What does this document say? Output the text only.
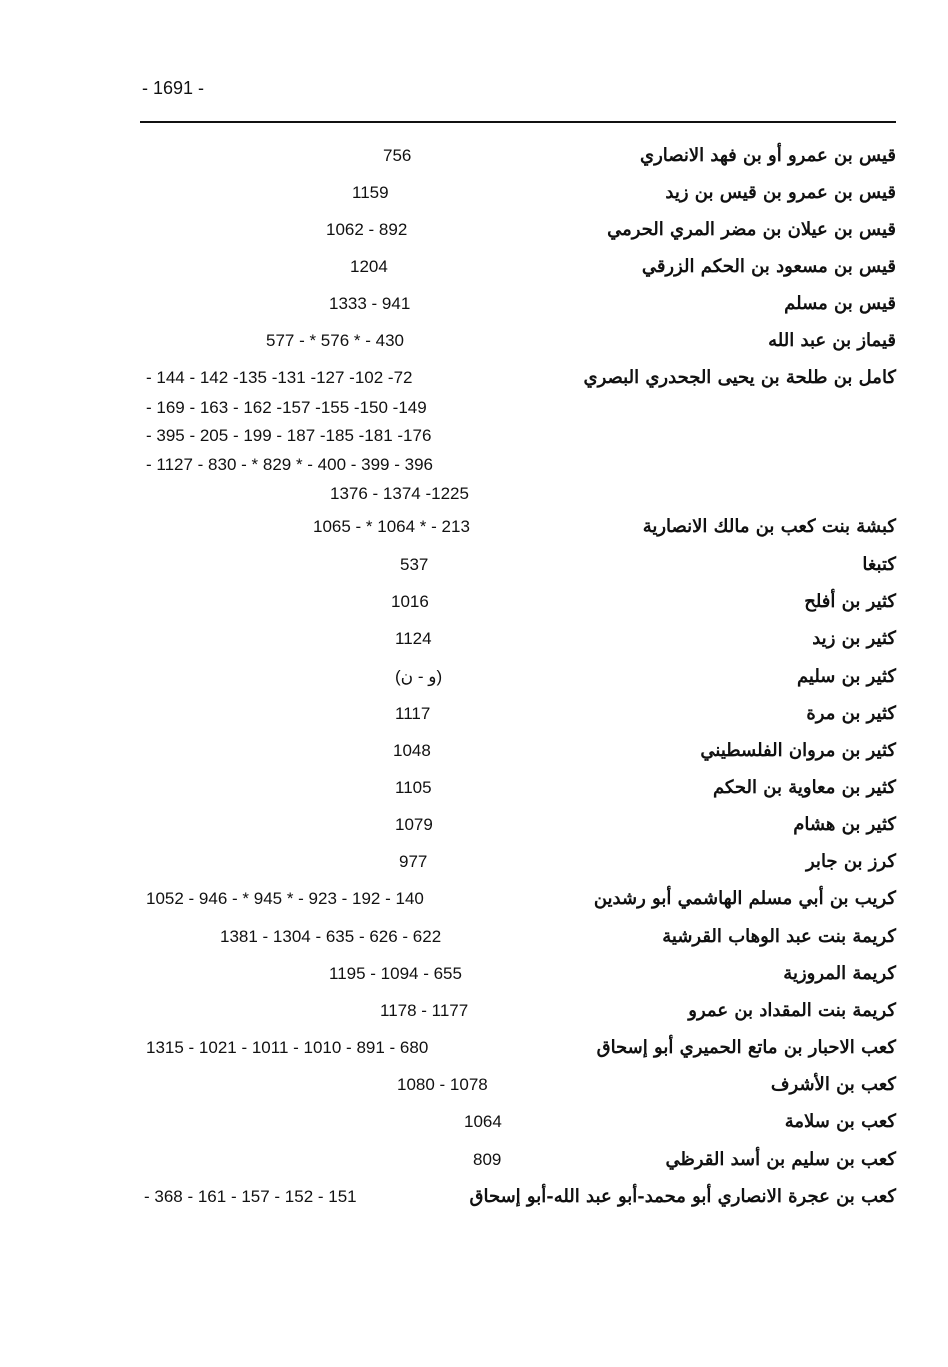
- 1691 -
قيس بن عمرو أو بن فهد الانصاري
756
قيس بن عمرو بن قيس بن زيد
1159
قيس بن عيلان بن مضر المري الحرمي
1062 - 892
قيس بن مسعود بن الحكم الزرقي
1204
قيس بن مسلم
1333 - 941
قيماز بن عبد الله
577 - * 576 * - 430
كامل بن طلحة بن يحيى الجحدري البصري
- 144 - 142 -135 -131 -127 -102 -72
- 169 - 163 - 162 -157 -155 -150 -149
- 395 - 205 - 199 - 187 -185 -181 -176
- 1127 - 830 - * 829 * - 400 - 399 - 396
1376 - 1374 -1225
كبشة بنت كعب بن مالك الانصارية
1065 - * 1064 * - 213
كتبغا
537
كثير بن أفلح
1016
كثير بن زيد
1124
كثير بن سليم
(و - ن)
كثير بن مرة
1117
كثير بن مروان الفلسطيني
1048
كثير بن معاوية بن الحكم
1105
كثير بن هشام
1079
كرز بن جابر
977
كريب بن أبي مسلم الهاشمي أبو رشدين
1052 - 946 - * 945 * - 923 - 192 - 140
كريمة بنت عبد الوهاب القرشية
1381 - 1304 - 635 - 626 - 622
كريمة المروزية
1195 - 1094 - 655
كريمة بنت المقداد بن عمرو
1178 - 1177
كعب الاحبار بن ماتع الحميري أبو إسحاق
1315 - 1021 - 1011 - 1010 - 891 - 680
كعب بن الأشرف
1080 - 1078
كعب بن سلامة
1064
كعب بن سليم بن أسد القرظي
809
كعب بن عجرة الانصاري أبو محمد-أبو عبد الله-أبو إسحاق
- 368 - 161 - 157 - 152 - 151
